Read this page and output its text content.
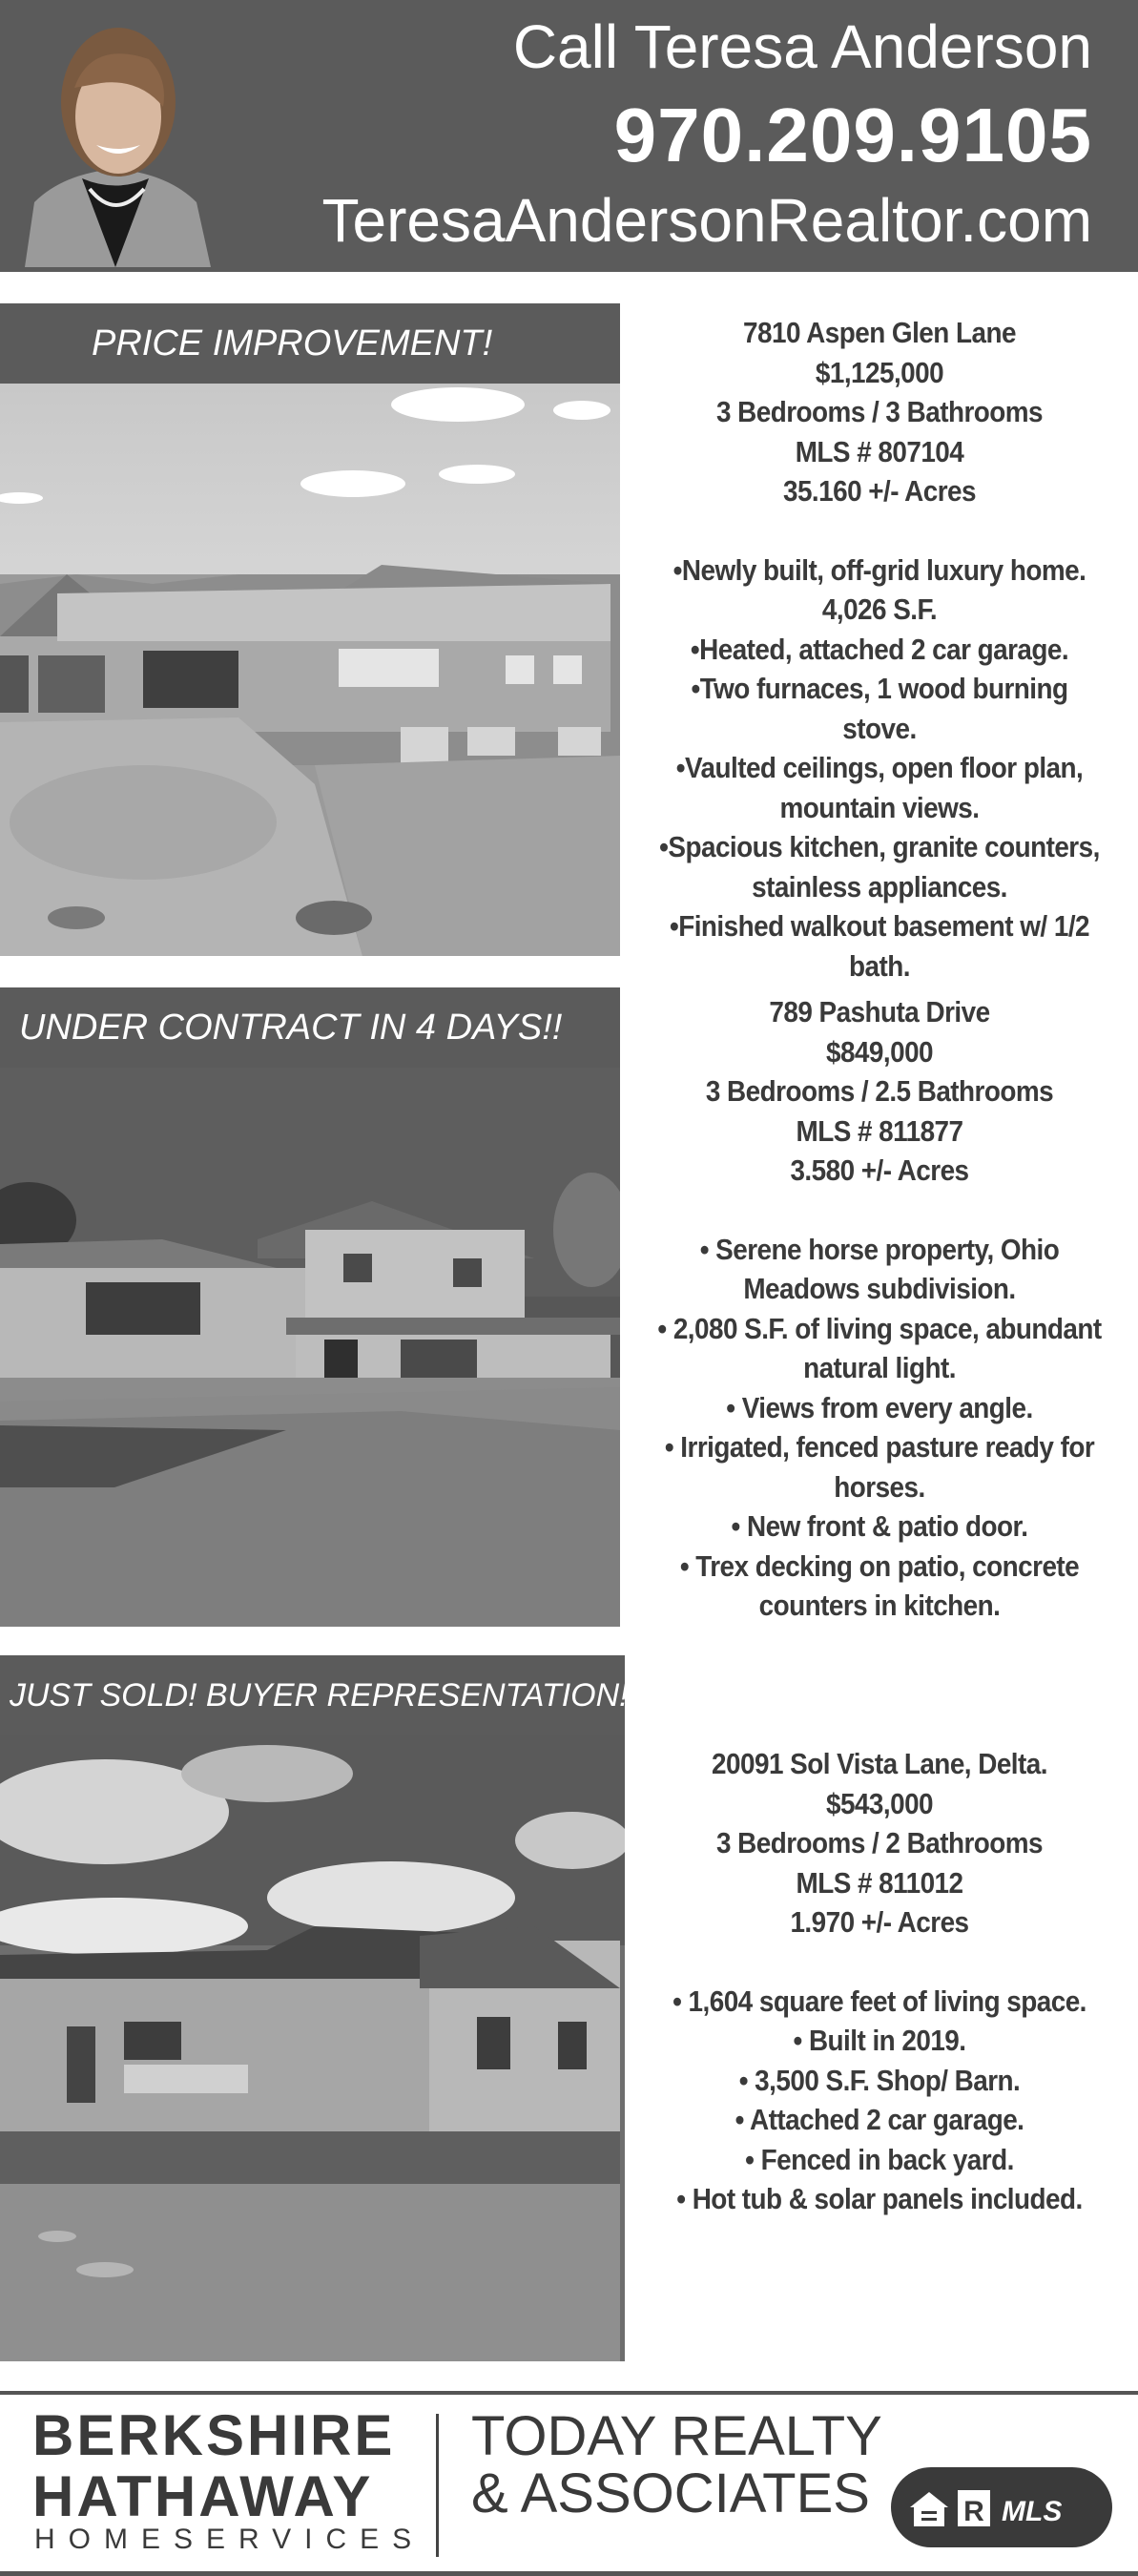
Call Teresa Anderson
970.209.9105
TeresaAndersonRealtor.com
PRICE IMPROVEMENT!	7810 Aspen Glen Lane
$1,125,000
3 Bedrooms / 3 Bathrooms
MLS # 807104
35.160 +/- Acres
•Newly built, off-grid luxury home. 4,026 S.F.
•Heated, attached 2 car garage.
•Two furnaces, 1 wood burning stove.
•Vaulted ceilings, open floor plan, mountain views.
•Spacious kitchen, granite counters, stainless appliances.
•Finished walkout basement w/ 1/2 bath.
UNDER CONTRACT IN 4 DAYS!!	789 Pashuta Drive
$849,000
3 Bedrooms / 2.5 Bathrooms
MLS # 811877
3.580 +/- Acres
• Serene horse property, Ohio Meadows subdivision.
• 2,080 S.F. of living space, abundant natural light.
• Views from every angle.
• Irrigated, fenced pasture ready for horses.
• New front & patio door.
• Trex decking on patio, concrete counters in kitchen.
JUST SOLD! BUYER REPRESENTATION!
20091 Sol Vista Lane, Delta.
$543,000
3 Bedrooms / 2 Bathrooms
MLS # 811012
1.970 +/- Acres
• 1,604 square feet of living space.
• Built in 2019.
• 3,500 S.F. Shop/ Barn.
• Attached 2 car garage.
• Fenced in back yard.
• Hot tub & solar panels included.
BERKSHIRE
HATHAWAY
HOMESERVICES
TODAY REALTY
& ASSOCIATES	R MLS
